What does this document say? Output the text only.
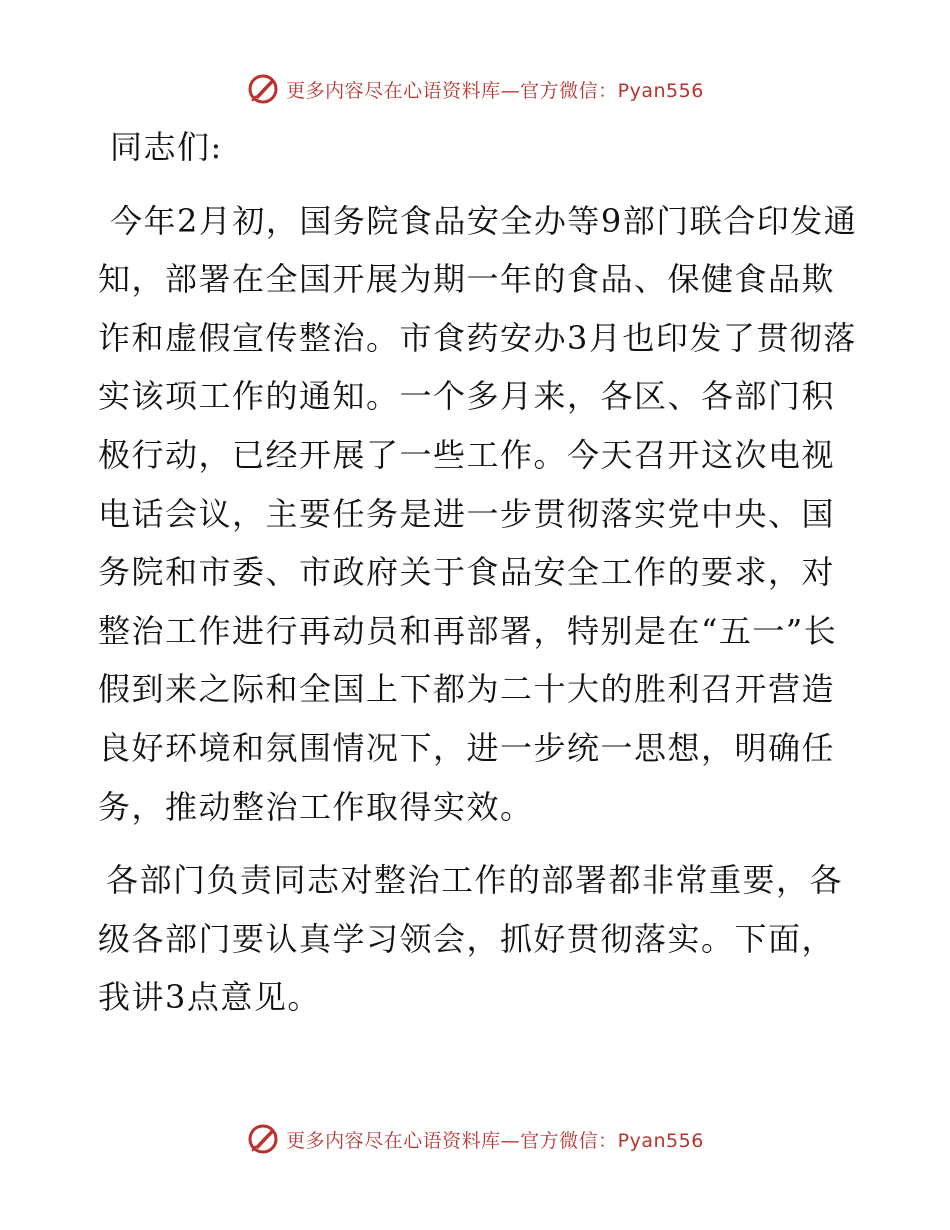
更多内容尽在心语资料库—官方微信：Pyan556

同志们:

今年2月初，国务院食品安全办等9部门联合印发通知，部署在全国开展为期一年的食品、保健食品欺诈和虚假宣传整治。市食药安办3月也印发了贯彻落实该项工作的通知。一个多月来，各区、各部门积极行动，已经开展了一些工作。今天召开这次电视电话会议，主要任务是进一步贯彻落实党中央、国务院和市委、市政府关于食品安全工作的要求，对整治工作进行再动员和再部署，特别是在“五一”长假到来之际和全国上下都为二十大的胜利召开营造良好环境和氛围情况下，进一步统一思想，明确任务，推动整治工作取得实效。

各部门负责同志对整治工作的部署都非常重要，各级各部门要认真学习领会，抓好贯彻落实。下面，我讲3点意见。

更多内容尽在心语资料库—官方微信：Pyan556
